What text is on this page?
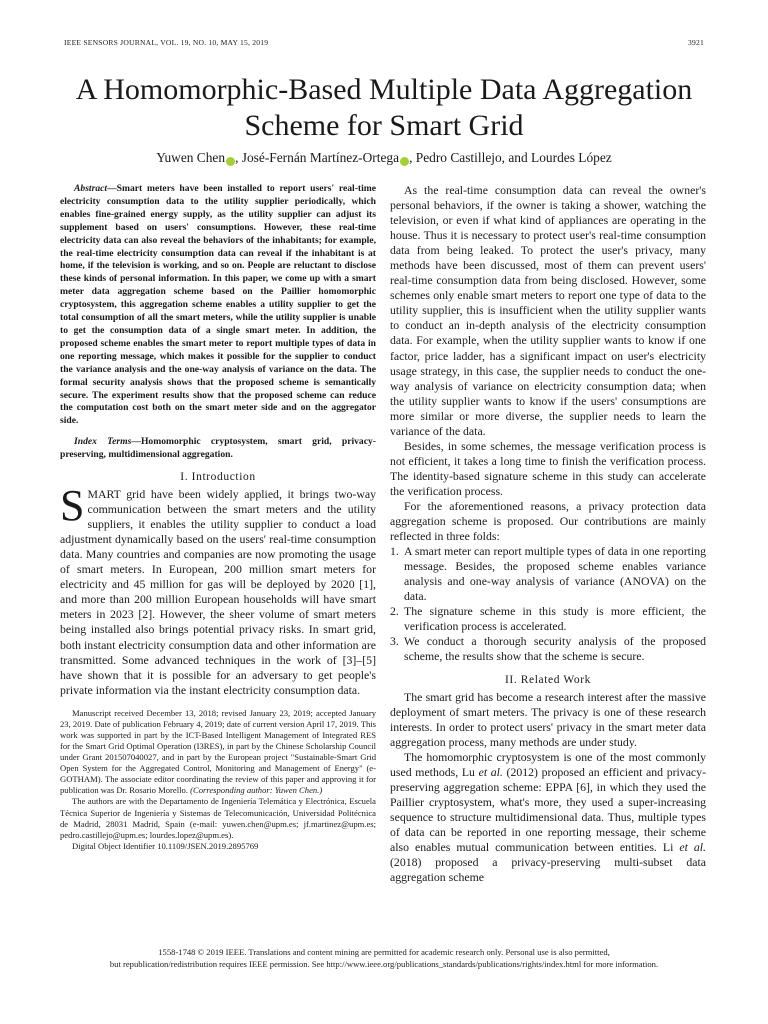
IEEE SENSORS JOURNAL, VOL. 19, NO. 10, MAY 15, 2019	3921
A Homomorphic-Based Multiple Data Aggregation
Scheme for Smart Grid
Yuwen Chen , José-Fernán Martínez-Ortega , Pedro Castillejo, and Lourdes López

Abstract—Smart meters have been installed to report users' real-time electricity consumption data to the utility supplier periodically, which enables fine-grained energy supply, as the utility supplier can adjust its supplement based on users' consumptions. However, these real-time electricity data can also reveal the behaviors of the inhabitants; for example, the real-time electricity consumption data can reveal if the inhabitant is at home, if the television is working, and so on. People are reluctant to disclose these kinds of personal information. In this paper, we come up with a smart meter data aggregation scheme based on the Paillier homomorphic cryptosystem, this aggregation scheme enables a utility supplier to get the total consumption of all the smart meters, while the utility supplier is unable to get the consumption data of a single smart meter. In addition, the proposed scheme enables the smart meter to report multiple types of data in one reporting message, which makes it possible for the supplier to conduct the variance analysis and the one-way analysis of variance on the data. The formal security analysis shows that the proposed scheme is semantically secure. The experiment results show that the proposed scheme can reduce the computation cost both on the smart meter side and on the aggregator side.

Index Terms—Homomorphic cryptosystem, smart grid, privacy-preserving, multidimensional aggregation.

I. Introduction

SMART grid have been widely applied, it brings two-way communication between the smart meters and the utility suppliers, it enables the utility supplier to conduct a load adjustment dynamically based on the users' real-time consumption data. Many countries and companies are now promoting the usage of smart meters. In European, 200 million smart meters for electricity and 45 million for gas will be deployed by 2020 [1], and more than 200 million European households will have smart meters in 2023 [2]. However, the sheer volume of smart meters being installed also brings potential privacy risks. In smart grid, both instant electricity consumption data and other information are transmitted. Some advanced techniques in the work of [3]–[5] have shown that it is possible for an adversary to get people's private information via the instant electricity consumption data.

Manuscript received December 13, 2018; revised January 23, 2019; accepted January 23, 2019. Date of publication February 4, 2019; date of current version April 17, 2019. This work was supported in part by the ICT-Based Intelligent Management of Integrated RES for the Smart Grid Optimal Operation (I3RES), in part by the Chinese Scholarship Council under Grant 201507040027, and in part by the European project "Sustainable-Smart Grid Open System for the Aggregated Control, Monitoring and Management of Energy" (e-GOTHAM). The associate editor coordinating the review of this paper and approving it for publication was Dr. Rosario Morello. (Corresponding author: Yuwen Chen.)

The authors are with the Departamento de Ingeniería Telemática y Electrónica, Escuela Técnica Superior de Ingeniería y Sistemas de Telecomunicación, Universidad Politécnica de Madrid, 28031 Madrid, Spain (e-mail: yuwen.chen@upm.es; jf.martinez@upm.es; pedro.castillejo@upm.es; lourdes.lopez@upm.es).

Digital Object Identifier 10.1109/JSEN.2019.2895769

As the real-time consumption data can reveal the owner's personal behaviors, if the owner is taking a shower, watching the television, or even if what kind of appliances are operating in the house. Thus it is necessary to protect user's real-time consumption data from being leaked. To protect the user's privacy, many methods have been discussed, most of them can prevent users' real-time consumption data from being disclosed. However, some schemes only enable smart meters to report one type of data to the utility supplier, this is insufficient when the utility supplier wants to conduct an in-depth analysis of the electricity consumption data. For example, when the utility supplier wants to know if one factor, price ladder, has a significant impact on user's electricity usage strategy, in this case, the supplier needs to conduct the one-way analysis of variance on electricity consumption data; when the utility supplier wants to know if the users' consumptions are more similar or more diverse, the supplier needs to learn the variance of the data.

Besides, in some schemes, the message verification process is not efficient, it takes a long time to finish the verification process. The identity-based signature scheme in this study can accelerate the verification process.

For the aforementioned reasons, a privacy protection data aggregation scheme is proposed. Our contributions are mainly reflected in three folds:

1. A smart meter can report multiple types of data in one reporting message. Besides, the proposed scheme enables variance analysis and one-way analysis of variance (ANOVA) on the data.
2. The signature scheme in this study is more efficient, the verification process is accelerated.
3. We conduct a thorough security analysis of the proposed scheme, the results show that the scheme is secure.
II. Related Work

The smart grid has become a research interest after the massive deployment of smart meters. The privacy is one of these research interests. In order to protect users' privacy in the smart meter data aggregation process, many methods are under study.

The homomorphic cryptosystem is one of the most commonly used methods, Lu et al. (2012) proposed an efficient and privacy-preserving aggregation scheme: EPPA [6], in which they used the Paillier cryptosystem, what's more, they used a super-increasing sequence to structure multidimensional data. Thus, multiple types of data can be reported in one reporting message, their scheme also enables mutual communication between entities. Li et al. (2018) proposed a privacy-preserving multi-subset data aggregation scheme

1558-1748 © 2019 IEEE. Translations and content mining are permitted for academic research only. Personal use is also permitted,
but republication/redistribution requires IEEE permission. See http://www.ieee.org/publications_standards/publications/rights/index.html for more information.
